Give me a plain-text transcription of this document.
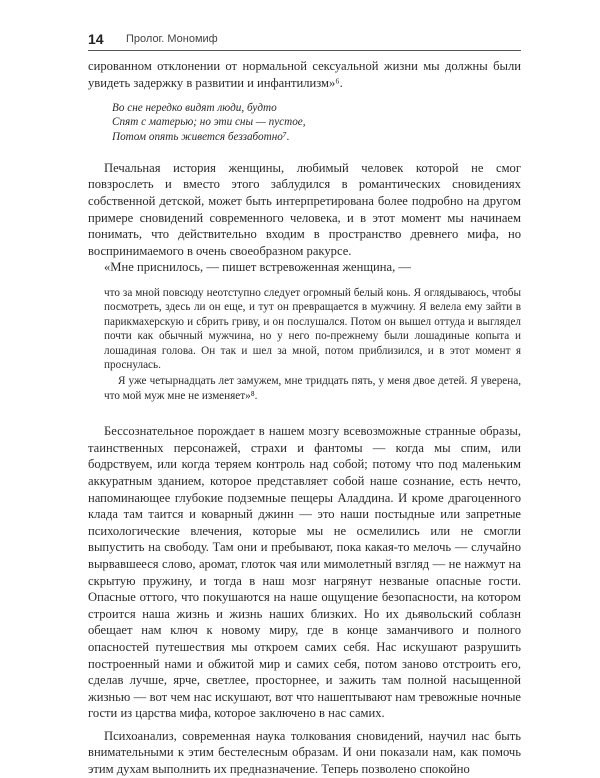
14 Пролог. Мономиф

сированном отклонении от нормальной сексуальной жизни мы должны были увидеть задержку в развитии и инфантилизм»⁶.

Во сне нередко видят люди, будто
Спят с матерью; но эти сны — пустое,
Потом опять живется беззаботно⁷.

Печальная история женщины, любимый человек которой не смог повзрослеть и вместо этого заблудился в романтических сновидениях собственной детской, может быть интерпретирована более подробно на другом примере сновидений современного человека, и в этот момент мы начинаем понимать, что действительно входим в пространство древнего мифа, но воспринимаемого в очень своеобразном ракурсе.

«Мне приснилось, — пишет встревоженная женщина, —

что за мной повсюду неотступно следует огромный белый конь. Я оглядываюсь, чтобы посмотреть, здесь ли он еще, и тут он превращается в мужчину. Я велела ему зайти в парикмахерскую и сбрить гриву, и он послушался. Потом он вышел оттуда и выглядел почти как обычный мужчина, но у него по-прежнему были лошадиные копыта и лошадиная голова. Он так и шел за мной, потом приблизился, и в этот момент я проснулась.

Я уже четырнадцать лет замужем, мне тридцать пять, у меня двое детей. Я уверена, что мой муж мне не изменяет»⁸.

Бессознательное порождает в нашем мозгу всевозможные странные образы, таинственных персонажей, страхи и фантомы — когда мы спим, или бодрствуем, или когда теряем контроль над собой; потому что под маленьким аккуратным зданием, которое представляет собой наше сознание, есть нечто, напоминающее глубокие подземные пещеры Аладдина. И кроме драгоценного клада там таится и коварный джинн — это наши постыдные или запретные психологические влечения, которые мы не осмелились или не смогли выпустить на свободу. Там они и пребывают, пока какая-то мелочь — случайно вырвавшееся слово, аромат, глоток чая или мимолетный взгляд — не нажмут на скрытую пружину, и тогда в наш мозг нагрянут незваные опасные гости. Опасные оттого, что покушаются на наше ощущение безопасности, на котором строится наша жизнь и жизнь наших близких. Но их дьявольский соблазн обещает нам ключ к новому миру, где в конце заманчивого и полного опасностей путешествия мы откроем самих себя. Нас искушают разрушить построенный нами и обжитой мир и самих себя, потом заново отстроить его, сделав лучше, ярче, светлее, просторнее, и зажить там полной насыщенной жизнью — вот чем нас искушают, вот что нашептывают нам тревожные ночные гости из царства мифа, которое заключено в нас самих.

Психоанализ, современная наука толкования сновидений, научил нас быть внимательными к этим бестелесным образам. И они показали нам, как помочь этим духам выполнить их предназначение. Теперь позволено спокойно
